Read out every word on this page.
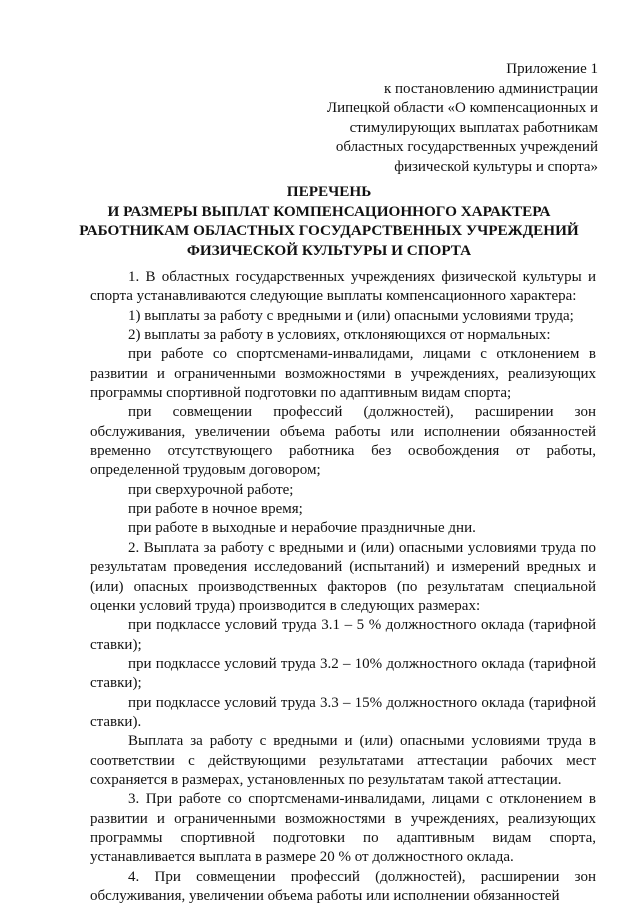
Приложение 1
к постановлению администрации
Липецкой области «О компенсационных и
стимулирующих выплатах работникам
областных государственных учреждений
физической культуры и спорта»
ПЕРЕЧЕНЬ
И РАЗМЕРЫ ВЫПЛАТ КОМПЕНСАЦИОННОГО ХАРАКТЕРА
РАБОТНИКАМ ОБЛАСТНЫХ ГОСУДАРСТВЕННЫХ УЧРЕЖДЕНИЙ
ФИЗИЧЕСКОЙ КУЛЬТУРЫ И СПОРТА

1. В областных государственных учреждениях физической культуры и спорта устанавливаются следующие выплаты компенсационного характера:

1) выплаты за работу с вредными и (или) опасными условиями труда;

2) выплаты за работу в условиях, отклоняющихся от нормальных:

при работе со спортсменами-инвалидами, лицами с отклонением в развитии и ограниченными возможностями в учреждениях, реализующих программы спортивной подготовки по адаптивным видам спорта;

при совмещении профессий (должностей), расширении зон обслуживания, увеличении объема работы или исполнении обязанностей временно отсутствующего работника без освобождения от работы, определенной трудовым договором;

при сверхурочной работе;

при работе в ночное время;

при работе в выходные и нерабочие праздничные дни.

2. Выплата за работу с вредными и (или) опасными условиями труда по результатам проведения исследований (испытаний) и измерений вредных и (или) опасных производственных факторов (по результатам специальной оценки условий труда) производится в следующих размерах:

при подклассе условий труда 3.1 – 5 % должностного оклада (тарифной ставки);

при подклассе условий труда 3.2 – 10% должностного оклада (тарифной ставки);

при подклассе условий труда 3.3 – 15% должностного оклада (тарифной ставки).

Выплата за работу с вредными и (или) опасными условиями труда в соответствии с действующими результатами аттестации рабочих мест сохраняется в размерах, установленных по результатам такой аттестации.

3. При работе со спортсменами-инвалидами, лицами с отклонением в развитии и ограниченными возможностями в учреждениях, реализующих программы спортивной подготовки по адаптивным видам спорта, устанавливается выплата в размере 20 % от должностного оклада.

4. При совмещении профессий (должностей), расширении зон обслуживания, увеличении объема работы или исполнении обязанностей
